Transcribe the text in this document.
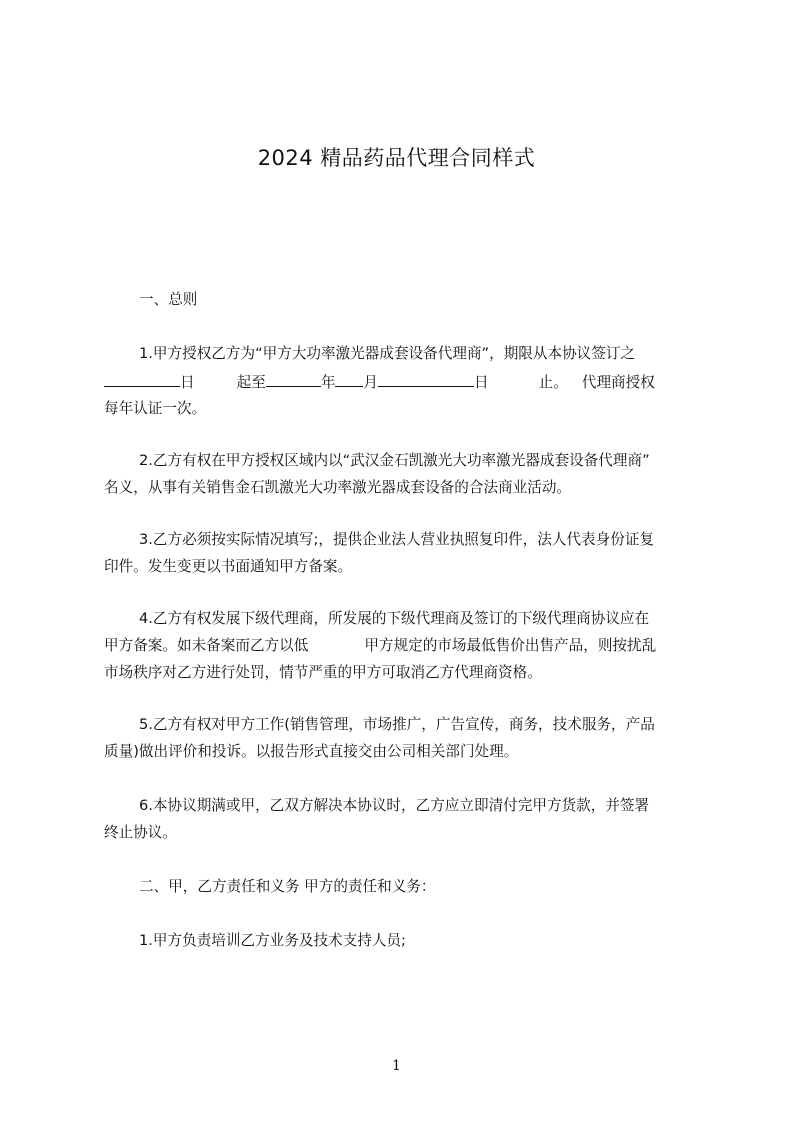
2024 精品药品代理合同样式
一、总则
1.甲方授权乙方为“甲方大功率激光器成套设备代理商”，期限从本协议签订之
日	起至	年 月	日	止。 代理商授权
每年认证一次。
2.乙方有权在甲方授权区域内以“武汉金石凯激光大功率激光器成套设备代理商”
名义，从事有关销售金石凯激光大功率激光器成套设备的合法商业活动。
3.乙方必须按实际情况填写;，提供企业法人营业执照复印件，法人代表身份证复
印件。发生变更以书面通知甲方备案。
4.乙方有权发展下级代理商，所发展的下级代理商及签订的下级代理商协议应在
甲方备案。如未备案而乙方以低	甲方规定的市场最低售价出售产品，则按扰乱
市场秩序对乙方进行处罚，情节严重的甲方可取消乙方代理商资格。
5.乙方有权对甲方工作(销售管理，市场推广，广告宣传，商务，技术服务，产品
质量)做出评价和投诉。以报告形式直接交由公司相关部门处理。
6.本协议期满或甲，乙双方解决本协议时，乙方应立即清付完甲方货款，并签署
终止协议。
二、甲，乙方责任和义务 甲方的责任和义务：
1.甲方负责培训乙方业务及技术支持人员;
1
